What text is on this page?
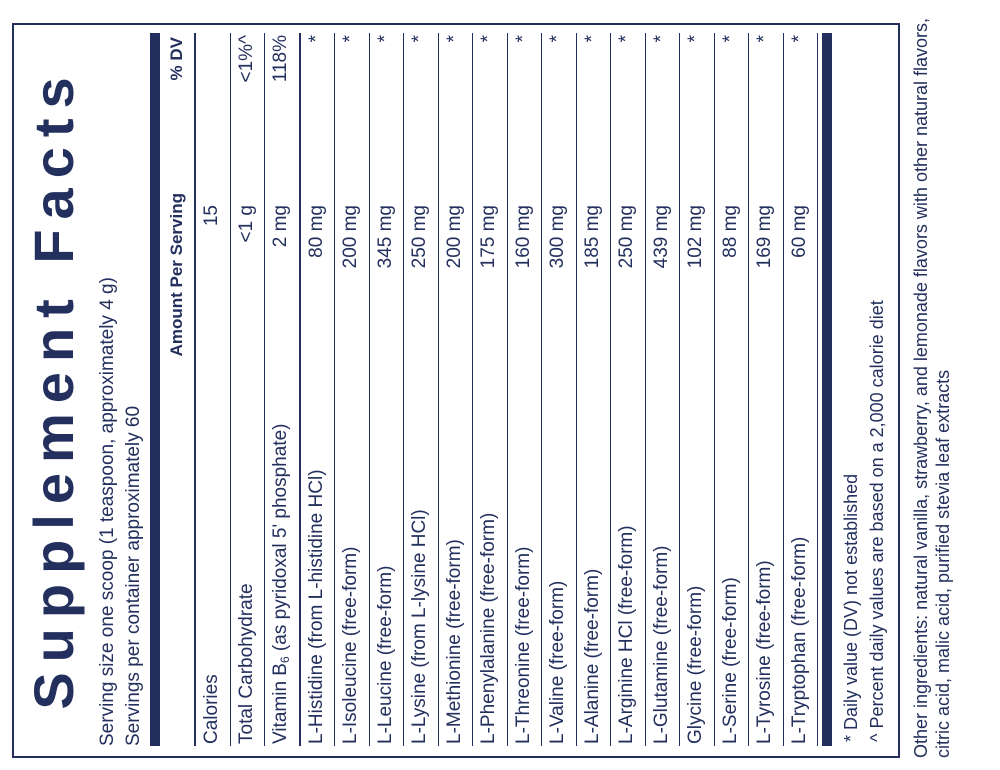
Supplement Facts Serving size one scoop (1 teaspoon, approximately 4 g) Servings per container approximately 60
Amount Per Serving
% DV
Calories
15
Total Carbohydrate
<1 g
<1%^
Vitamin $B_6$ (as pyridoxal 5' phosphate)
2 mg
118%
L-Histidine (from L-histidine HCl)
80 mg
*
L-Isoleucine (free-form)
200 mg
*
L-Leucine (free-form)
345 mg
*
L-Lysine (from L-lysine HCl)
250 mg
*
L-Methionine (free-form)
200 mg
*
L-Phenylalanine (free-form)
175 mg
*
L-Threonine (free-form)
160 mg
*
L-Valine (free-form)
300 mg
*
L-Alanine (free-form)
185 mg
*
L-Arginine HCl (free-form)
250 mg
*
L-Glutamine (free-form)
439 mg
*
Glycine (free-form)
102 mg
*
L-Serine (free-form)
88 mg
*
L-Tyrosine (free-form)
169 mg
*
L-Tryptophan (free-form)
60 mg
*
* Daily value (DV) not established ^ Percent daily values are based on a 2,000 calorie diet Other ingredients: natural vanilla, strawberry, and lemonade flavors with other natural flavors, citric acid, malic acid, purified stevia leaf extracts
